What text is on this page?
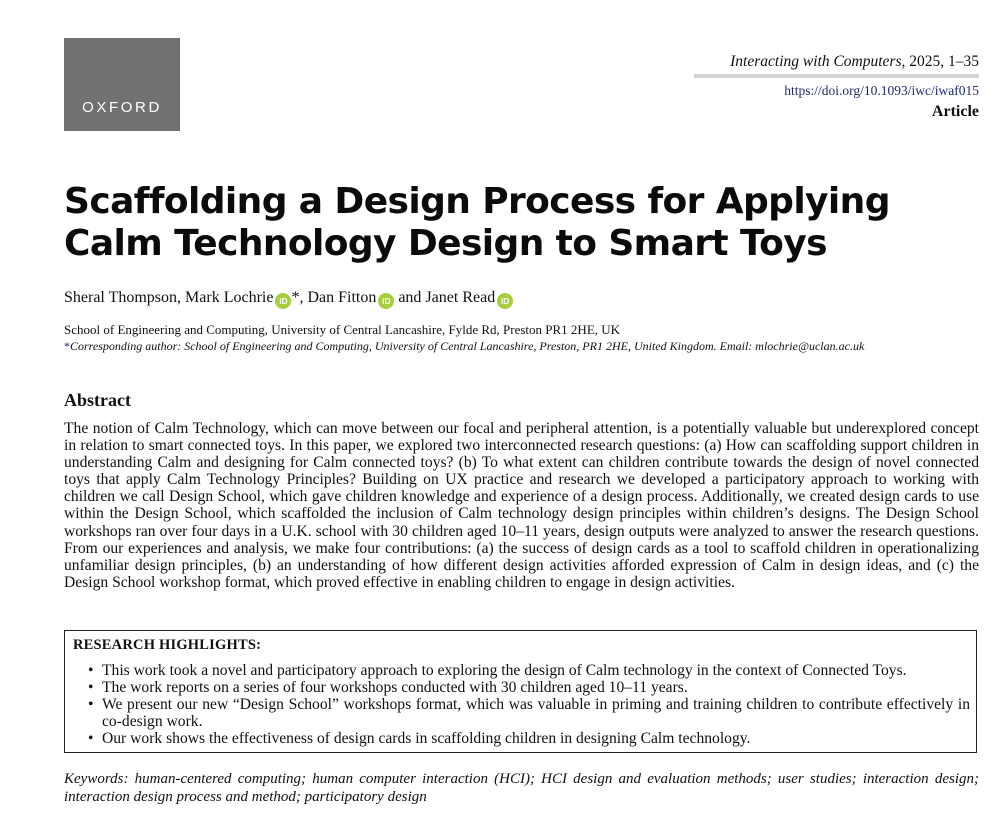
OXFORD
Interacting with Computers, 2025, 1–35
https://doi.org/10.1093/iwc/iwaf015
Article
Scaffolding a Design Process for Applying Calm Technology Design to Smart Toys
Sheral Thompson, Mark Lochrie iD *, Dan Fitton iD and Janet Read iD
School of Engineering and Computing, University of Central Lancashire, Fylde Rd, Preston PR1 2HE, UK
*Corresponding author: School of Engineering and Computing, University of Central Lancashire, Preston, PR1 2HE, United Kingdom. Email: mlochrie@uclan.ac.uk
Abstract

The notion of Calm Technology, which can move between our focal and peripheral attention, is a potentially valuable but underexplored concept in relation to smart connected toys. In this paper, we explored two interconnected research questions: (a) How can scaffolding support children in understanding Calm and designing for Calm connected toys? (b) To what extent can children contribute towards the design of novel connected toys that apply Calm Technology Principles? Building on UX practice and research we developed a participatory approach to working with children we call Design School, which gave children knowledge and experience of a design process. Additionally, we created design cards to use within the Design School, which scaffolded the inclusion of Calm technology design principles within children’s designs. The Design School workshops ran over four days in a U.K. school with 30 children aged 10–11 years, design outputs were analyzed to answer the research questions. From our experiences and analysis, we make four contributions: (a) the success of design cards as a tool to scaffold children in operationalizing unfamiliar design principles, (b) an understanding of how different design activities afforded expression of Calm in design ideas, and (c) the Design School workshop format, which proved effective in enabling children to engage in design activities.

RESEARCH HIGHLIGHTS:
• This work took a novel and participatory approach to exploring the design of Calm technology in the context of Connected Toys.
• The work reports on a series of four workshops conducted with 30 children aged 10–11 years.
• We present our new “Design School” workshops format, which was valuable in priming and training children to contribute effectively in co-design work.
• Our work shows the effectiveness of design cards in scaffolding children in designing Calm technology.

Keywords: human-centered computing; human computer interaction (HCI); HCI design and evaluation methods; user studies; interaction design; interaction design process and method; participatory design
